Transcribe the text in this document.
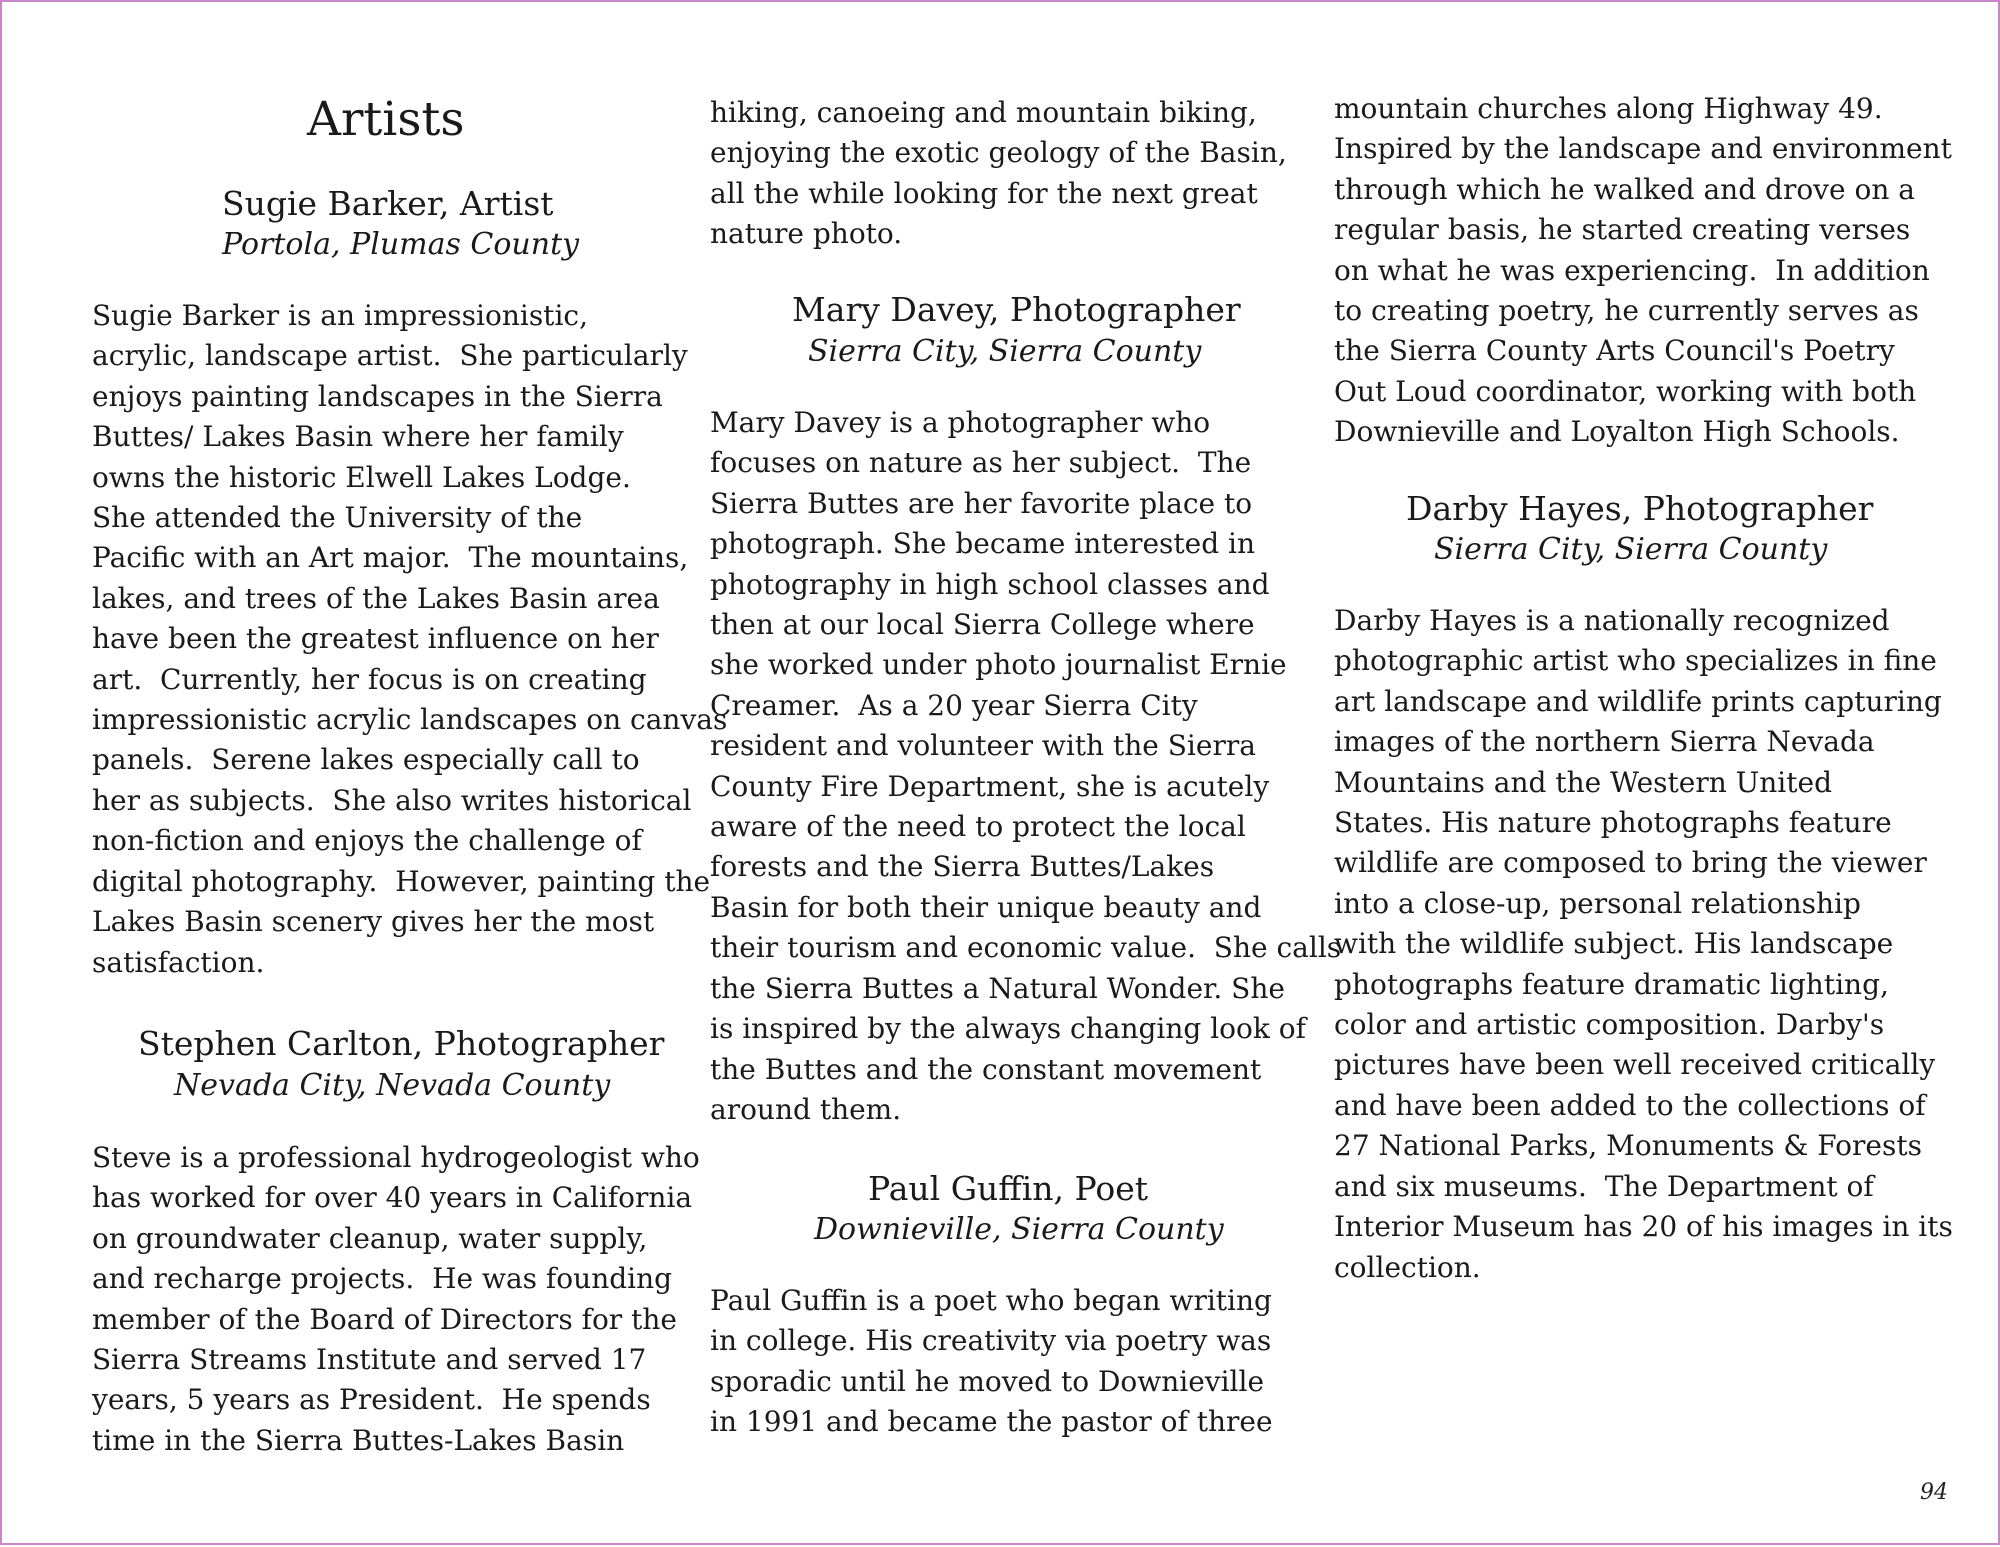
Artists
Sugie Barker, Artist
Portola, Plumas County
Sugie Barker is an impressionistic,
acrylic, landscape artist.  She particularly
enjoys painting landscapes in the Sierra
Buttes/ Lakes Basin where her family
owns the historic Elwell Lakes Lodge.
She attended the University of the
Pacific with an Art major.  The mountains,
lakes, and trees of the Lakes Basin area
have been the greatest influence on her
art.  Currently, her focus is on creating
impressionistic acrylic landscapes on canvas
panels.  Serene lakes especially call to
her as subjects.  She also writes historical
non-fiction and enjoys the challenge of
digital photography.  However, painting the
Lakes Basin scenery gives her the most
satisfaction.
Stephen Carlton, Photographer
Nevada City, Nevada County
Steve is a professional hydrogeologist who
has worked for over 40 years in California
on groundwater cleanup, water supply,
and recharge projects.  He was founding
member of the Board of Directors for the
Sierra Streams Institute and served 17
years, 5 years as President.  He spends
time in the Sierra Buttes-Lakes Basin
hiking, canoeing and mountain biking,
enjoying the exotic geology of the Basin,
all the while looking for the next great
nature photo.
Mary Davey, Photographer
Sierra City, Sierra County
Mary Davey is a photographer who
focuses on nature as her subject.  The
Sierra Buttes are her favorite place to
photograph. She became interested in
photography in high school classes and
then at our local Sierra College where
she worked under photo journalist Ernie
Creamer.  As a 20 year Sierra City
resident and volunteer with the Sierra
County Fire Department, she is acutely
aware of the need to protect the local
forests and the Sierra Buttes/Lakes
Basin for both their unique beauty and
their tourism and economic value.  She calls
the Sierra Buttes a Natural Wonder. She
is inspired by the always changing look of
the Buttes and the constant movement
around them.
Paul Guffin, Poet
Downieville, Sierra County
Paul Guffin is a poet who began writing
in college. His creativity via poetry was
sporadic until he moved to Downieville
in 1991 and became the pastor of three
mountain churches along Highway 49.
Inspired by the landscape and environment
through which he walked and drove on a
regular basis, he started creating verses
on what he was experiencing.  In addition
to creating poetry, he currently serves as
the Sierra County Arts Council's Poetry
Out Loud coordinator, working with both
Downieville and Loyalton High Schools.
Darby Hayes, Photographer
Sierra City, Sierra County
Darby Hayes is a nationally recognized
photographic artist who specializes in fine
art landscape and wildlife prints capturing
images of the northern Sierra Nevada
Mountains and the Western United
States. His nature photographs feature
wildlife are composed to bring the viewer
into a close-up, personal relationship
with the wildlife subject. His landscape
photographs feature dramatic lighting,
color and artistic composition. Darby's
pictures have been well received critically
and have been added to the collections of
27 National Parks, Monuments & Forests
and six museums.  The Department of
Interior Museum has 20 of his images in its
collection.
94
